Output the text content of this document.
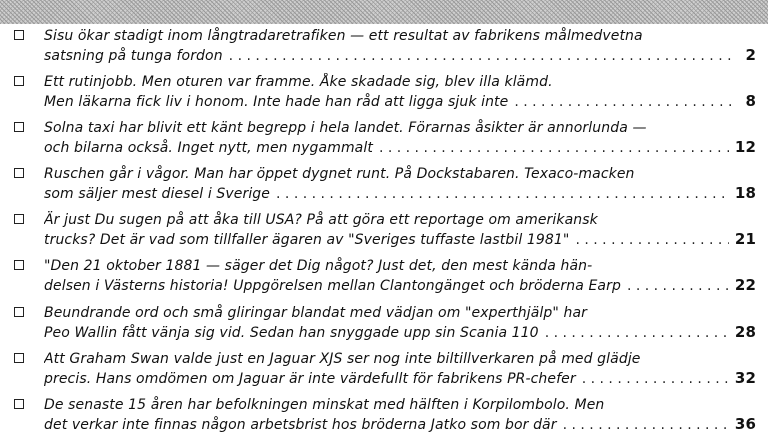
Sisu ökar stadigt inom långtradaretrafiken — ett resultat av fabrikens målmedvetna
satsning på tunga fordon . . .	2
Ett rutinjobb. Men oturen var framme. Åke skadade sig, blev illa klämd.
Men läkarna fick liv i honom. Inte hade han råd att ligga sjuk inte . . .	8
Solna taxi har blivit ett känt begrepp i hela landet. Förarnas åsikter är annorlunda —
och bilarna också. Inget nytt, men nygammalt . . .	12
Ruschen går i vågor. Man har öppet dygnet runt. På Dockstabaren. Texaco-macken
som säljer mest diesel i Sverige . . .	18
Är just Du sugen på att åka till USA? På att göra ett reportage om amerikansk
trucks? Det är vad som tillfaller ägaren av "Sveriges tuffaste lastbil 1981" . . .	21
"Den 21 oktober 1881 — säger det Dig något? Just det, den mest kända hän-
delsen i Västerns historia! Uppgörelsen mellan Clantongänget och bröderna Earp . . .	22
Beundrande ord och små gliringar blandat med vädjan om "experthjälp" har
Peo Wallin fått vänja sig vid. Sedan han snyggade upp sin Scania 110 . . .	28
Att Graham Swan valde just en Jaguar XJS ser nog inte biltillverkaren på med glädje
precis. Hans omdömen om Jaguar är inte värdefullt för fabrikens PR-chefer . . .	32
De senaste 15 åren har befolkningen minskat med hälften i Korpilombolo. Men
det verkar inte finnas någon arbetsbrist hos bröderna Jatko som bor där . . .	36
